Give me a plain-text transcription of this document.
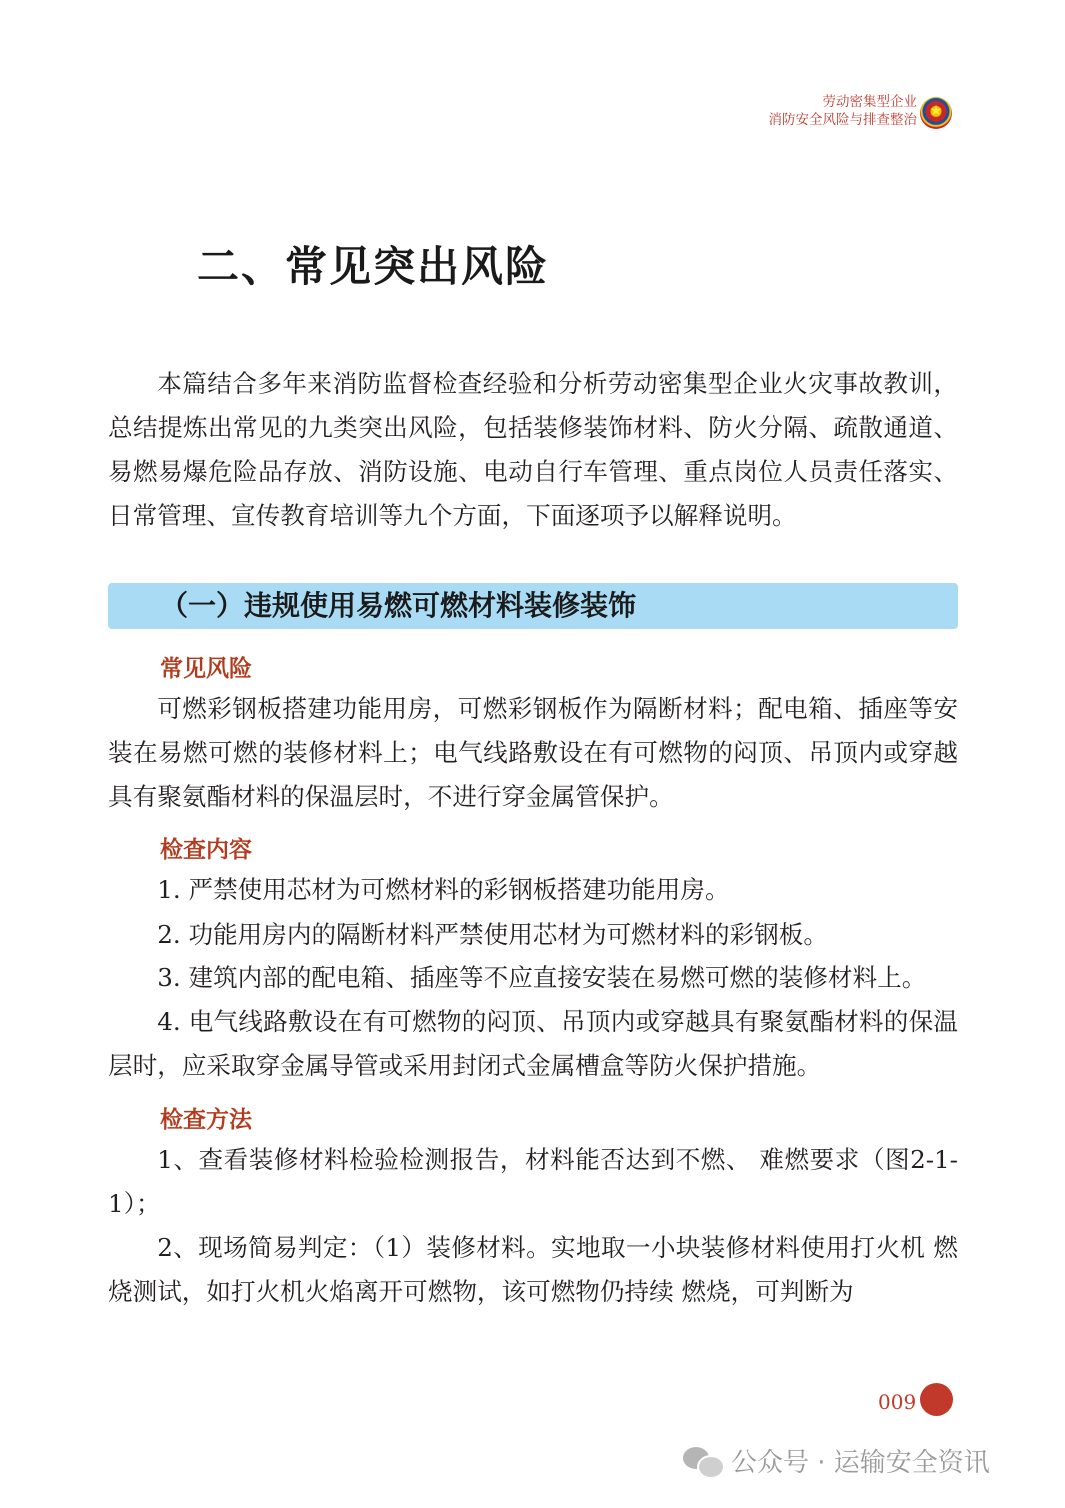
劳动密集型企业
消防安全风险与排查整治
★
二、常见突出风险

本篇结合多年来消防监督检查经验和分析劳动密集型企业火灾事故教训，总结提炼出常见的九类突出风险，包括装修装饰材料、防火分隔、疏散通道、易燃易爆危险品存放、消防设施、电动自行车管理、重点岗位人员责任落实、日常管理、宣传教育培训等九个方面，下面逐项予以解释说明。

（一）违规使用易燃可燃材料装修装饰
常见风险

可燃彩钢板搭建功能用房，可燃彩钢板作为隔断材料；配电箱、插座等安装在易燃可燃的装修材料上；电气线路敷设在有可燃物的闷顶、吊顶内或穿越具有聚氨酯材料的保温层时，不进行穿金属管保护。

检查内容

1. 严禁使用芯材为可燃材料的彩钢板搭建功能用房。

2. 功能用房内的隔断材料严禁使用芯材为可燃材料的彩钢板。

3. 建筑内部的配电箱、插座等不应直接安装在易燃可燃的装修材料上。

4. 电气线路敷设在有可燃物的闷顶、吊顶内或穿越具有聚氨酯材料的保温层时，应采取穿金属导管或采用封闭式金属槽盒等防火保护措施。

检查方法

1、查看装修材料检验检测报告，材料能否达到不燃、 难燃要求（图2-1-1）；

2、现场简易判定：（1）装修材料。实地取一小块装修材料使用打火机 燃烧测试，如打火机火焰离开可燃物，该可燃物仍持续 燃烧，可判断为

009
公众号 · 运输安全资讯
